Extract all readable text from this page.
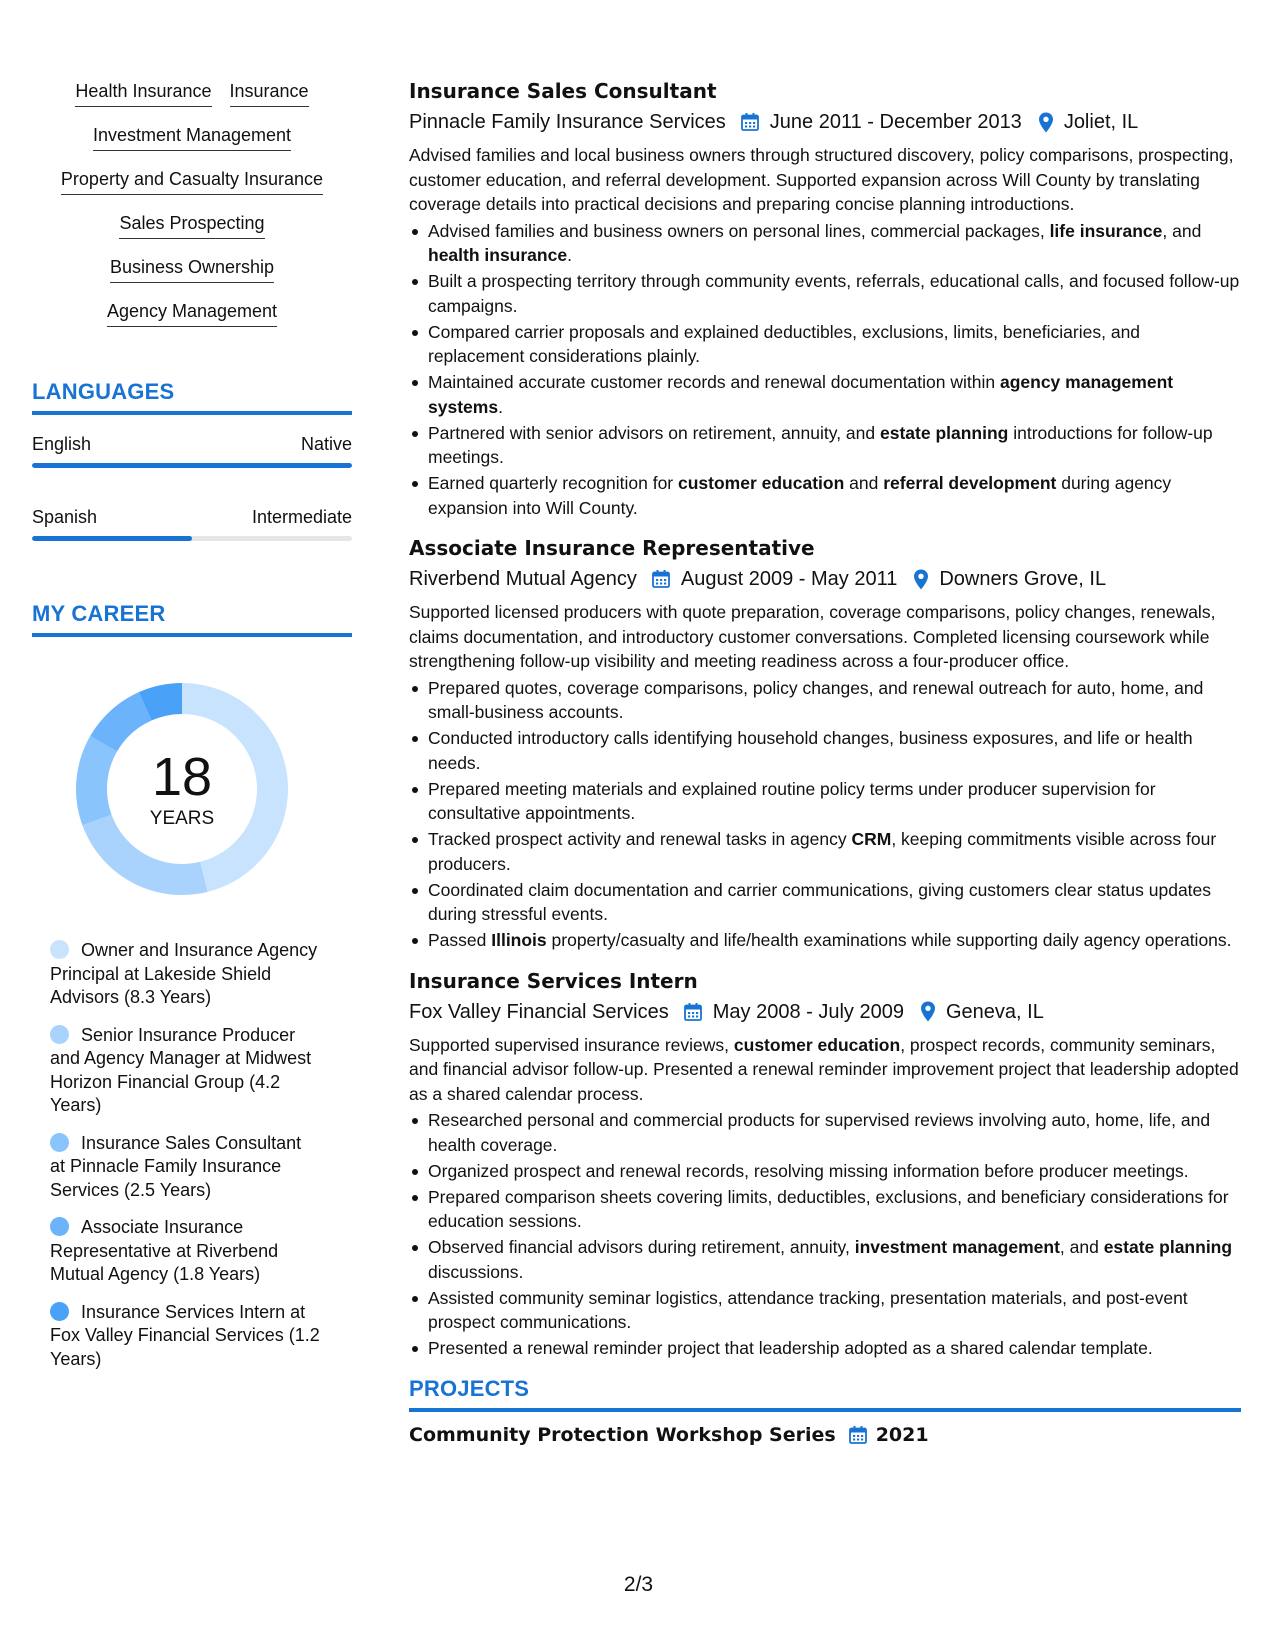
Health Insurance Insurance
Investment Management
Property and Casualty Insurance
Sales Prospecting
Business Ownership
Agency Management
LANGUAGES
English	Native
Spanish	Intermediate
MY CAREER
18
YEARS
Owner and Insurance Agency Principal at Lakeside Shield Advisors (8.3 Years)
Senior Insurance Producer and Agency Manager at Midwest Horizon Financial Group (4.2 Years)
Insurance Sales Consultant at Pinnacle Family Insurance Services (2.5 Years)
Associate Insurance Representative at Riverbend Mutual Agency (1.8 Years)
Insurance Services Intern at Fox Valley Financial Services (1.2 Years)
Insurance Sales Consultant
Pinnacle Family Insurance Services June 2011 - December 2013 Joliet, IL
Advised families and local business owners through structured discovery, policy comparisons, prospecting, customer education, and referral development. Supported expansion across Will County by translating coverage details into practical decisions and preparing concise planning introductions.
Advised families and business owners on personal lines, commercial packages, life insurance, and health insurance.
Built a prospecting territory through community events, referrals, educational calls, and focused follow-up campaigns.
Compared carrier proposals and explained deductibles, exclusions, limits, beneficiaries, and replacement considerations plainly.
Maintained accurate customer records and renewal documentation within agency management systems.
Partnered with senior advisors on retirement, annuity, and estate planning introductions for follow-up meetings.
Earned quarterly recognition for customer education and referral development during agency expansion into Will County.
Associate Insurance Representative
Riverbend Mutual Agency August 2009 - May 2011 Downers Grove, IL
Supported licensed producers with quote preparation, coverage comparisons, policy changes, renewals, claims documentation, and introductory customer conversations. Completed licensing coursework while strengthening follow-up visibility and meeting readiness across a four-producer office.
Prepared quotes, coverage comparisons, policy changes, and renewal outreach for auto, home, and small-business accounts.
Conducted introductory calls identifying household changes, business exposures, and life or health needs.
Prepared meeting materials and explained routine policy terms under producer supervision for consultative appointments.
Tracked prospect activity and renewal tasks in agency CRM, keeping commitments visible across four producers.
Coordinated claim documentation and carrier communications, giving customers clear status updates during stressful events.
Passed Illinois property/casualty and life/health examinations while supporting daily agency operations.
Insurance Services Intern
Fox Valley Financial Services May 2008 - July 2009 Geneva, IL
Supported supervised insurance reviews, customer education, prospect records, community seminars, and financial advisor follow-up. Presented a renewal reminder improvement project that leadership adopted as a shared calendar process.
Researched personal and commercial products for supervised reviews involving auto, home, life, and health coverage.
Organized prospect and renewal records, resolving missing information before producer meetings.
Prepared comparison sheets covering limits, deductibles, exclusions, and beneficiary considerations for education sessions.
Observed financial advisors during retirement, annuity, investment management, and estate planning discussions.
Assisted community seminar logistics, attendance tracking, presentation materials, and post-event prospect communications.
Presented a renewal reminder project that leadership adopted as a shared calendar template.
PROJECTS
Community Protection Workshop Series 2021
2/3
